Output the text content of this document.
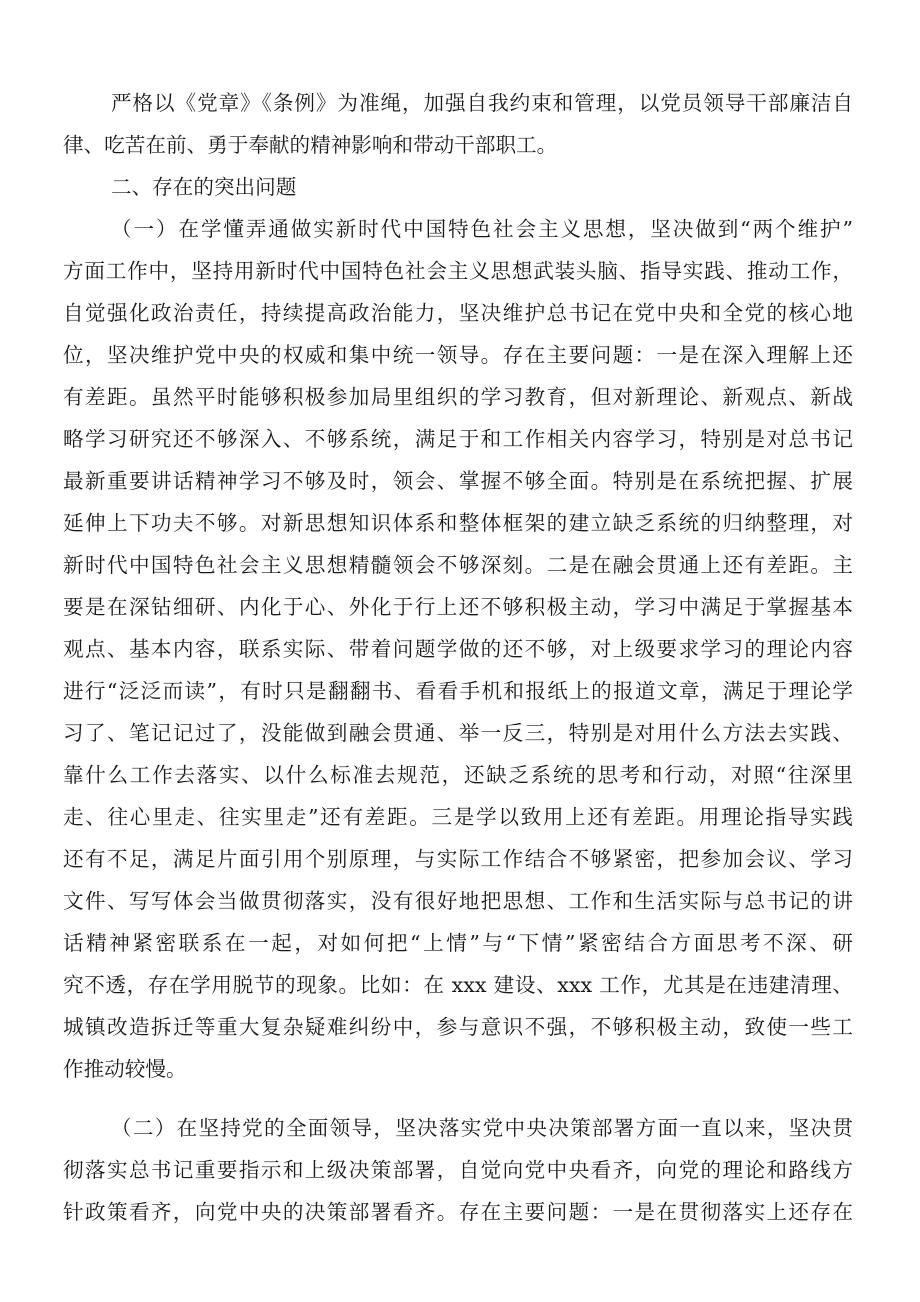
严格以《党章》《条例》为准绳，加强自我约束和管理，以党员领导干部廉洁自

律、吃苦在前、勇于奉献的精神影响和带动干部职工。

二、存在的突出问题

（一）在学懂弄通做实新时代中国特色社会主义思想，坚决做到“两个维护”

方面工作中，坚持用新时代中国特色社会主义思想武装头脑、指导实践、推动工作，

自觉强化政治责任，持续提高政治能力，坚决维护总书记在党中央和全党的核心地

位，坚决维护党中央的权威和集中统一领导。存在主要问题：一是在深入理解上还

有差距。虽然平时能够积极参加局里组织的学习教育，但对新理论、新观点、新战

略学习研究还不够深入、不够系统，满足于和工作相关内容学习，特别是对总书记

最新重要讲话精神学习不够及时，领会、掌握不够全面。特别是在系统把握、扩展

延伸上下功夫不够。对新思想知识体系和整体框架的建立缺乏系统的归纳整理，对

新时代中国特色社会主义思想精髓领会不够深刻。二是在融会贯通上还有差距。主

要是在深钻细研、内化于心、外化于行上还不够积极主动，学习中满足于掌握基本

观点、基本内容，联系实际、带着问题学做的还不够，对上级要求学习的理论内容

进行“泛泛而读”，有时只是翻翻书、看看手机和报纸上的报道文章，满足于理论学

习了、笔记记过了，没能做到融会贯通、举一反三，特别是对用什么方法去实践、

靠什么工作去落实、以什么标准去规范，还缺乏系统的思考和行动，对照“往深里

走、往心里走、往实里走”还有差距。三是学以致用上还有差距。用理论指导实践

还有不足，满足片面引用个别原理，与实际工作结合不够紧密，把参加会议、学习

文件、写写体会当做贯彻落实，没有很好地把思想、工作和生活实际与总书记的讲

话精神紧密联系在一起，对如何把“上情”与“下情”紧密结合方面思考不深、研

究不透，存在学用脱节的现象。比如：在 xxx 建设、xxx 工作，尤其是在违建清理、

城镇改造拆迁等重大复杂疑难纠纷中，参与意识不强，不够积极主动，致使一些工

作推动较慢。

（二）在坚持党的全面领导，坚决落实党中央决策部署方面一直以来，坚决贯

彻落实总书记重要指示和上级决策部署，自觉向党中央看齐，向党的理论和路线方

针政策看齐，向党中央的决策部署看齐。存在主要问题：一是在贯彻落实上还存在
